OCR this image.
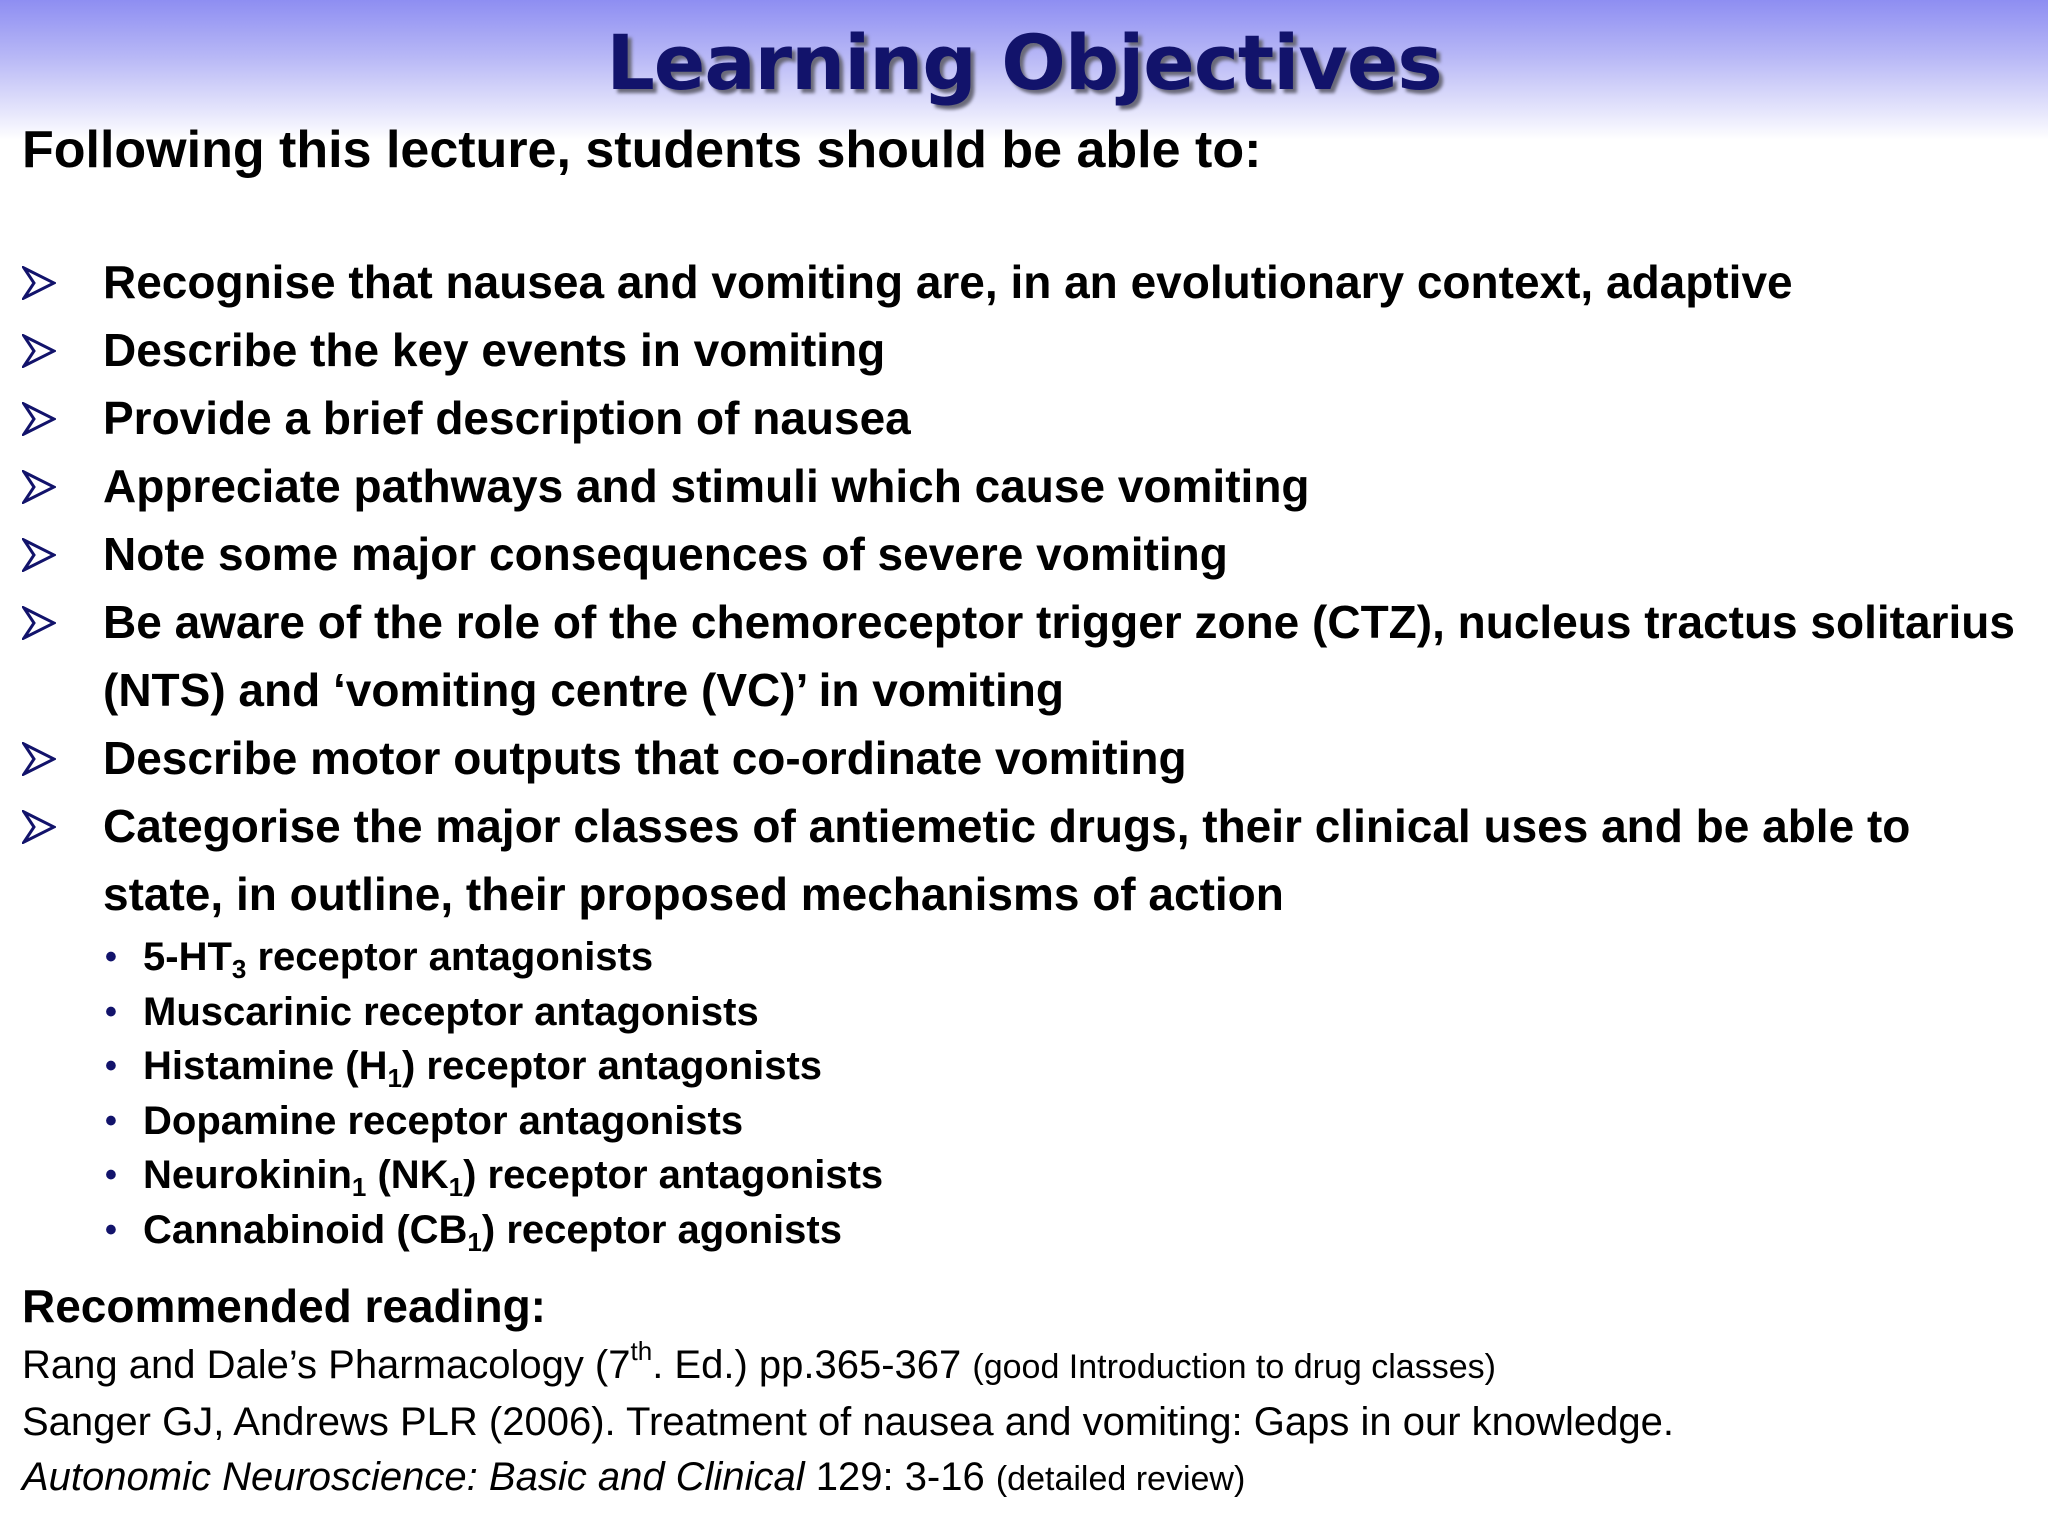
Learning Objectives

Following this lecture, students should be able to:

Recognise that nausea and vomiting are, in an evolutionary context, adaptive
Describe the key events in vomiting
Provide a brief description of nausea
Appreciate pathways and stimuli which cause vomiting
Note some major consequences of severe vomiting
Be aware of the role of the chemoreceptor trigger zone (CTZ), nucleus tractus solitarius (NTS) and ‘vomiting centre (VC)’ in vomiting
Describe motor outputs that co-ordinate vomiting
Categorise the major classes of antiemetic drugs, their clinical uses and be able to state, in outline, their proposed mechanisms of action
• $5-HT_3$ receptor antagonists
• Muscarinic receptor antagonists
• Histamine $(H_1)$ receptor antagonists
• Dopamine receptor antagonists
• Neurokinin$_1$ $(NK_1)$ receptor antagonists
• Cannabinoid $(CB_1)$ receptor agonists

Recommended reading:

Rang and Dale’s Pharmacology (7th. Ed.) pp.365-367 (good Introduction to drug classes)
Sanger GJ, Andrews PLR (2006). Treatment of nausea and vomiting: Gaps in our knowledge.
Autonomic Neuroscience: Basic and Clinical 129: 3-16 (detailed review)
